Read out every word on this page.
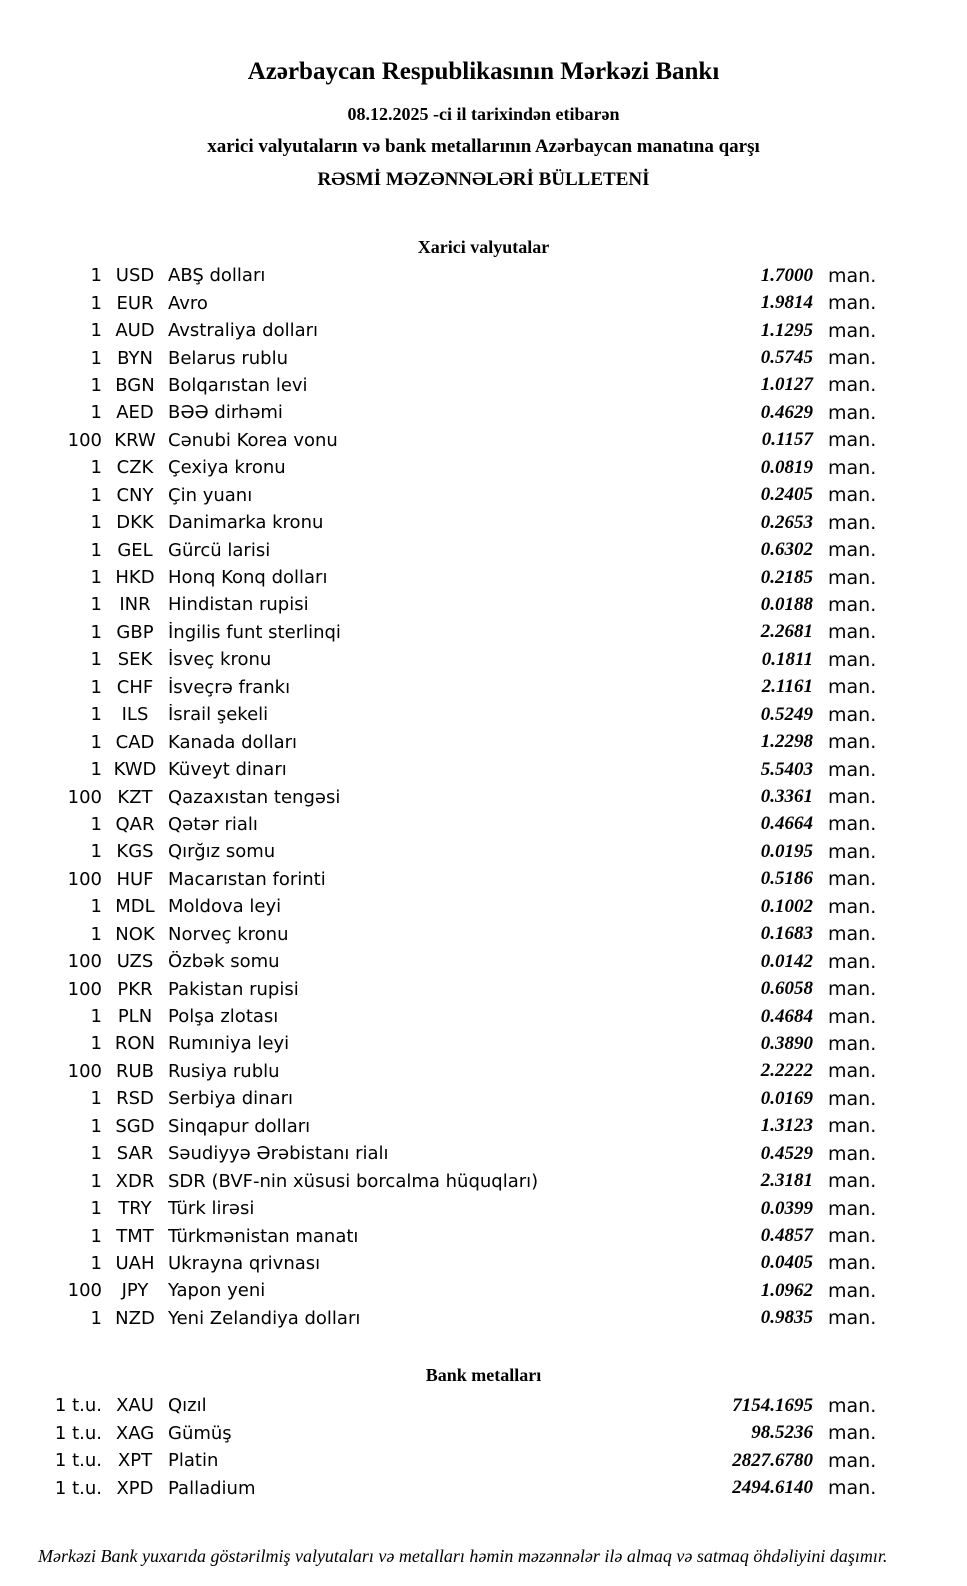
Azərbaycan Respublikasının Mərkəzi Bankı
08.12.2025 -ci il tarixindən etibarən
xarici valyutaların və bank metallarının Azərbaycan manatına qarşı
RƏSMİ MƏZƏNNƏLƏRİ BÜLLETENİ
Xarici valyutalar
1 USD ABŞ dolları	1.7000 man.
1 EUR Avro	1.9814 man.
1 AUD Avstraliya dolları	1.1295 man.
1 BYN Belarus rublu	0.5745 man.
1 BGN Bolqarıstan levi	1.0127 man.
1 AED BƏƏ dirhəmi	0.4629 man.
100 KRW Cənubi Korea vonu	0.1157 man.
1 CZK Çexiya kronu	0.0819 man.
1 CNY Çin yuanı	0.2405 man.
1 DKK Danimarka kronu	0.2653 man.
1 GEL Gürcü larisi	0.6302 man.
1 HKD Honq Konq dolları	0.2185 man.
1 INR Hindistan rupisi	0.0188 man.
1 GBP İngilis funt sterlinqi	2.2681 man.
1 SEK İsveç kronu	0.1811 man.
1 CHF İsveçrə frankı	2.1161 man.
1	ILS	İsrail şekeli	0.5249 man.
1 CAD Kanada dolları	1.2298 man.
1 KWD Küveyt dinarı	5.5403 man.
100 KZT Qazaxıstan tengəsi	0.3361 man.
1 QAR Qətər rialı	0.4664 man.
1 KGS Qırğız somu	0.0195 man.
100 HUF Macarıstan forinti	0.5186 man.
1 MDL Moldova leyi	0.1002 man.
1 NOK Norveç kronu	0.1683 man.
100 UZS Özbək somu	0.0142 man.
100 PKR Pakistan rupisi	0.6058 man.
1 PLN Polşa zlotası	0.4684 man.
1 RON Rumıniya leyi	0.3890 man.
100 RUB Rusiya rublu	2.2222 man.
1 RSD Serbiya dinarı	0.0169 man.
1 SGD Sinqapur dolları	1.3123 man.
1 SAR Səudiyyə Ərəbistanı rialı	0.4529 man.
1 XDR SDR (BVF-nin xüsusi borcalma hüquqları)	2.3181 man.
1 TRY Türk lirəsi	0.0399 man.
1 TMT Türkmənistan manatı	0.4857 man.
1 UAH Ukrayna qrivnası	0.0405 man.
100	JPY	Yapon yeni	1.0962 man.
1 NZD Yeni Zelandiya dolları	0.9835 man.
Bank metalları
1 t.u. XAU Qızıl	7154.1695 man.
1 t.u. XAG Gümüş	98.5236 man.
1 t.u. XPT Platin	2827.6780 man.
1 t.u. XPD Palladium	2494.6140 man.
Mərkəzi Bank yuxarıda göstərilmiş valyutaları və metalları həmin məzənnələr ilə almaq və satmaq öhdəliyini daşımır.
